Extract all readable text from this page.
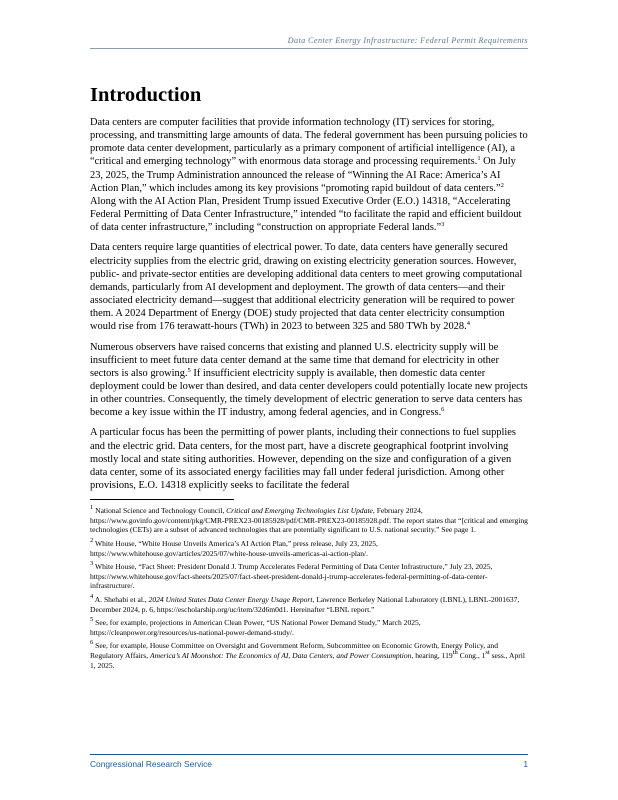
Data Center Energy Infrastructure: Federal Permit Requirements
Introduction

Data centers are computer facilities that provide information technology (IT) services for storing, processing, and transmitting large amounts of data. The federal government has been pursuing policies to promote data center development, particularly as a primary component of artificial intelligence (AI), a “critical and emerging technology” with enormous data storage and processing requirements.$^1$ On July 23, 2025, the Trump Administration announced the release of “Winning the AI Race: America’s AI Action Plan,” which includes among its key provisions “promoting rapid buildout of data centers.”$^2$ Along with the AI Action Plan, President Trump issued Executive Order (E.O.) 14318, “Accelerating Federal Permitting of Data Center Infrastructure,” intended “to facilitate the rapid and efficient buildout of data center infrastructure,” including “construction on appropriate Federal lands.”$^3$

Data centers require large quantities of electrical power. To date, data centers have generally secured electricity supplies from the electric grid, drawing on existing electricity generation sources. However, public- and private-sector entities are developing additional data centers to meet growing computational demands, particularly from AI development and deployment. The growth of data centers—and their associated electricity demand—suggest that additional electricity generation will be required to power them. A 2024 Department of Energy (DOE) study projected that data center electricity consumption would rise from 176 terawatt-hours (TWh) in 2023 to between 325 and 580 TWh by 2028.$^4$

Numerous observers have raised concerns that existing and planned U.S. electricity supply will be insufficient to meet future data center demand at the same time that demand for electricity in other sectors is also growing.$^5$ If insufficient electricity supply is available, then domestic data center deployment could be lower than desired, and data center developers could potentially locate new projects in other countries. Consequently, the timely development of electric generation to serve data centers has become a key issue within the IT industry, among federal agencies, and in Congress.$^6$

A particular focus has been the permitting of power plants, including their connections to fuel supplies and the electric grid. Data centers, for the most part, have a discrete geographical footprint involving mostly local and state siting authorities. However, depending on the size and configuration of a given data center, some of its associated energy facilities may fall under federal jurisdiction. Among other provisions, E.O. 14318 explicitly seeks to facilitate the federal

$^1$ National Science and Technology Council, Critical and Emerging Technologies List Update, February 2024, https://www.govinfo.gov/content/pkg/CMR-PREX23-00185928/pdf/CMR-PREX23-00185928.pdf. The report states that “[critical and emerging technologies (CETs) are a subset of advanced technologies that are potentially significant to U.S. national security.” See page 1.

$^2$ White House, “White House Unveils America’s AI Action Plan,” press release, July 23, 2025, https://www.whitehouse.gov/articles/2025/07/white-house-unveils-americas-ai-action-plan/.

$^3$ White House, “Fact Sheet: President Donald J. Trump Accelerates Federal Permitting of Data Center Infrastructure,” July 23, 2025, https://www.whitehouse.gov/fact-sheets/2025/07/fact-sheet-president-donald-j-trump-accelerates-federal-permitting-of-data-center-infrastructure/.

$^4$ A. Shehabi et al., 2024 United States Data Center Energy Usage Report, Lawrence Berkeley National Laboratory (LBNL), LBNL-2001637, December 2024, p. 6, https://escholarship.org/uc/item/32d6m0d1. Hereinafter “LBNL report.”

$^5$ See, for example, projections in American Clean Power, “US National Power Demand Study,” March 2025, https://cleanpower.org/resources/us-national-power-demand-study/.

$^6$ See, for example, House Committee on Oversight and Government Reform, Subcommittee on Economic Growth, Energy Policy, and Regulatory Affairs, America’s AI Moonshot: The Economics of AI, Data Centers, and Power Consumption, hearing, 119th Cong., 1st sess., April 1, 2025.

Congressional Research Service	1
